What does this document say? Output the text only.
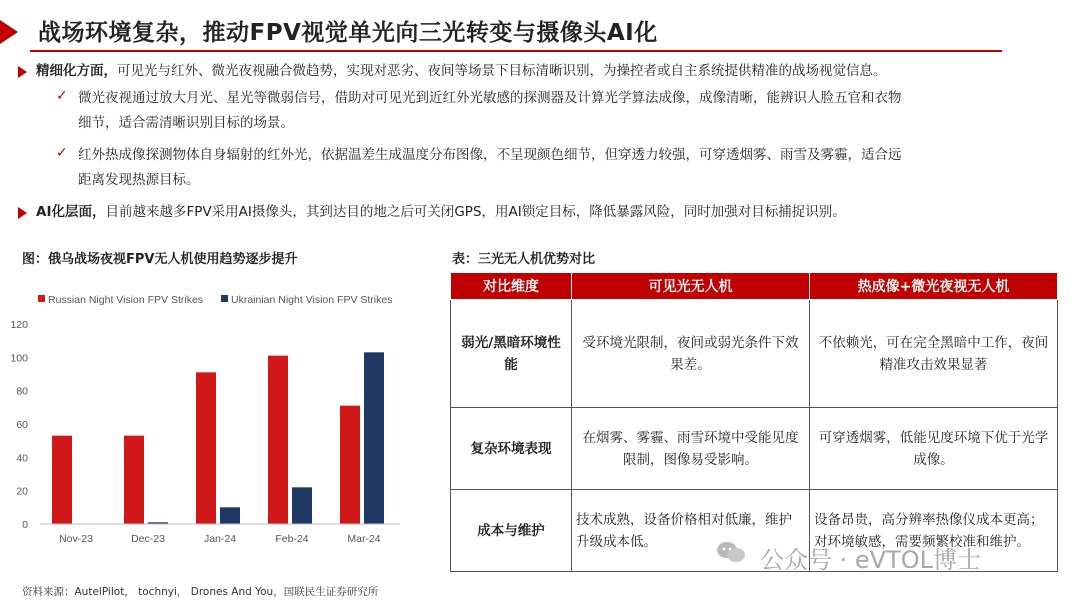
战场环境复杂，推动FPV视觉单光向三光转变与摄像头AI化
精细化方面，可见光与红外、微光夜视融合微趋势，实现对恶劣、夜间等场景下目标清晰识别，为操控者或自主系统提供精准的战场视觉信息。
✓ 微光夜视通过放大月光、星光等微弱信号，借助对可见光到近红外光敏感的探测器及计算光学算法成像，成像清晰，能辨识人脸五官和衣物
细节，适合需清晰识别目标的场景。
✓ 红外热成像探测物体自身辐射的红外光，依据温差生成温度分布图像，不呈现颜色细节，但穿透力较强，可穿透烟雾、雨雪及雾霾，适合远
距离发现热源目标。
AI化层面，目前越来越多FPV采用AI摄像头，其到达目的地之后可关闭GPS，用AI锁定目标，降低暴露风险，同时加强对目标捕捉识别。
图：俄乌战场夜视FPV无人机使用趋势逐步提升	表：三光无人机优势对比
Russian Night Vision FPV Strikes	Ukrainian Night Vision FPV Strikes
0
20
40
60
80
100
120
Nov-23	Dec-23	Jan-24	Feb-24	Mar-24
对比维度	可见光无人机	热成像+微光夜视无人机
弱光/黑暗环境性能	受环境光限制，夜间或弱光条件下效果差。	不依赖光，可在完全黑暗中工作，夜间精准攻击效果显著
复杂环境表现	在烟雾、雾霾、雨雪环境中受能见度限制，图像易受影响。	可穿透烟雾，低能见度环境下优于光学成像。
成本与维护	技术成熟，设备价格相对低廉，维护升级成本低。	设备昂贵，高分辨率热像仪成本更高；对环境敏感，需要频繁校准和维护。
资料来源：AutelPilot， tochnyi， Drones And You，国联民生证券研究所
公众号 · eVTOL博士
